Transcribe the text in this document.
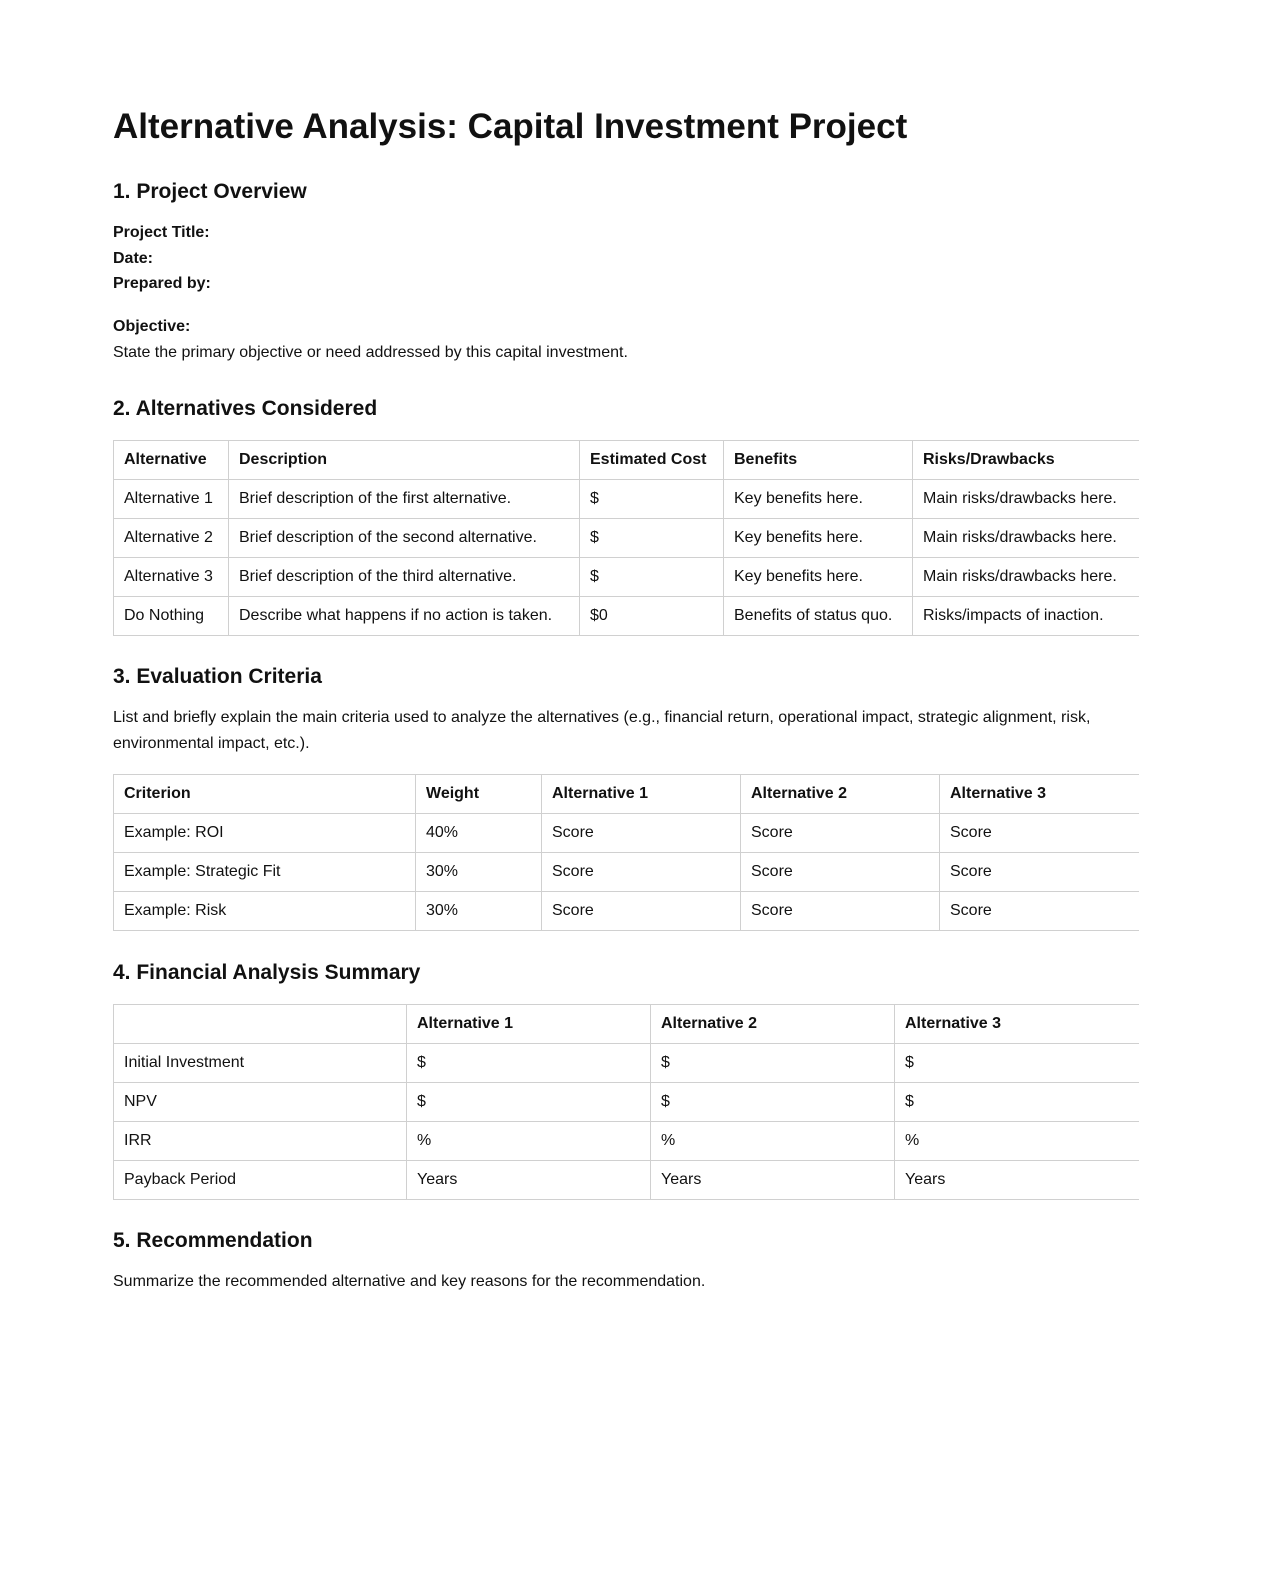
Alternative Analysis: Capital Investment Project
1. Project Overview
Project Title:
Date:
Prepared by:
Objective:

State the primary objective or need addressed by this capital investment.

2. Alternatives Considered
Alternative	Description	Estimated Cost	Benefits	Risks/Drawbacks
Alternative 1	Brief description of the first alternative.	$	Key benefits here.	Main risks/drawbacks here.
Alternative 2	Brief description of the second alternative.	$	Key benefits here.	Main risks/drawbacks here.
Alternative 3	Brief description of the third alternative.	$	Key benefits here.	Main risks/drawbacks here.
Do Nothing	Describe what happens if no action is taken.	$0	Benefits of status quo.	Risks/impacts of inaction.
3. Evaluation Criteria

List and briefly explain the main criteria used to analyze the alternatives (e.g., financial return, operational impact, strategic alignment, risk, environmental impact, etc.).

Criterion	Weight	Alternative 1	Alternative 2	Alternative 3
Example: ROI	40%	Score	Score	Score
Example: Strategic Fit	30%	Score	Score	Score
Example: Risk	30%	Score	Score	Score
4. Financial Analysis Summary
	Alternative 1	Alternative 2	Alternative 3
Initial Investment	$	$	$
NPV	$	$	$
IRR	%	%	%
Payback Period	Years	Years	Years
5. Recommendation

Summarize the recommended alternative and key reasons for the recommendation.
